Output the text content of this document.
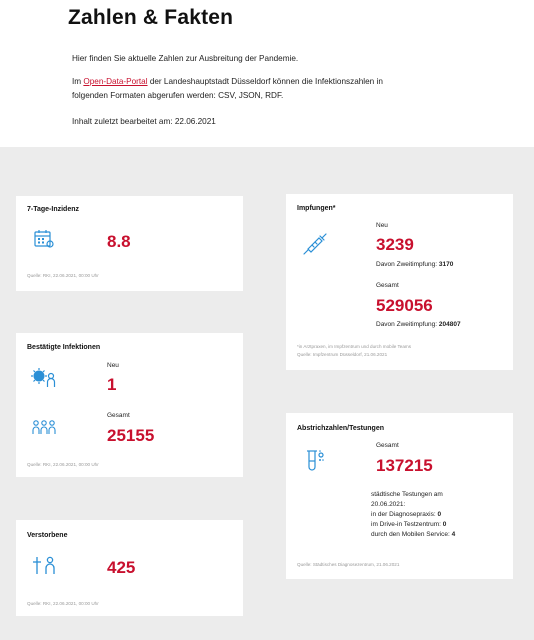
Zahlen & Fakten
Hier finden Sie aktuelle Zahlen zur Ausbreitung der Pandemie.
Im Open-Data-Portal der Landeshauptstadt Düsseldorf können die Infektionszahlen in
folgenden Formaten abgerufen werden: CSV, JSON, RDF.
Inhalt zuletzt bearbeitet am: 22.06.2021
7-Tage-Inzidenz
8.8
Quelle: RKI, 22.06.2021, 00:00 Uhr
Bestätigte Infektionen
Neu
1
Gesamt
25155
Quelle: RKI, 22.06.2021, 00:00 Uhr
Verstorbene
425
Quelle: RKI, 22.06.2021, 00:00 Uhr
Impfungen*
Neu
3239
Davon Zweitimpfung: 3170
Gesamt
529056
Davon Zweitimpfung: 204807
*in Arztpraxen, im Impfzentrum und durch mobile Teams
Quelle: Impfzentrum Düsseldorf, 21.06.2021
Abstrichzahlen/Testungen
Gesamt
137215
städtische Testungen am
20.06.2021:
in der Diagnosepraxis: 0
im Drive-in Testzentrum: 0
durch den Mobilen Service: 4
Quelle: Städtisches Diagnosezentrum, 21.06.2021
